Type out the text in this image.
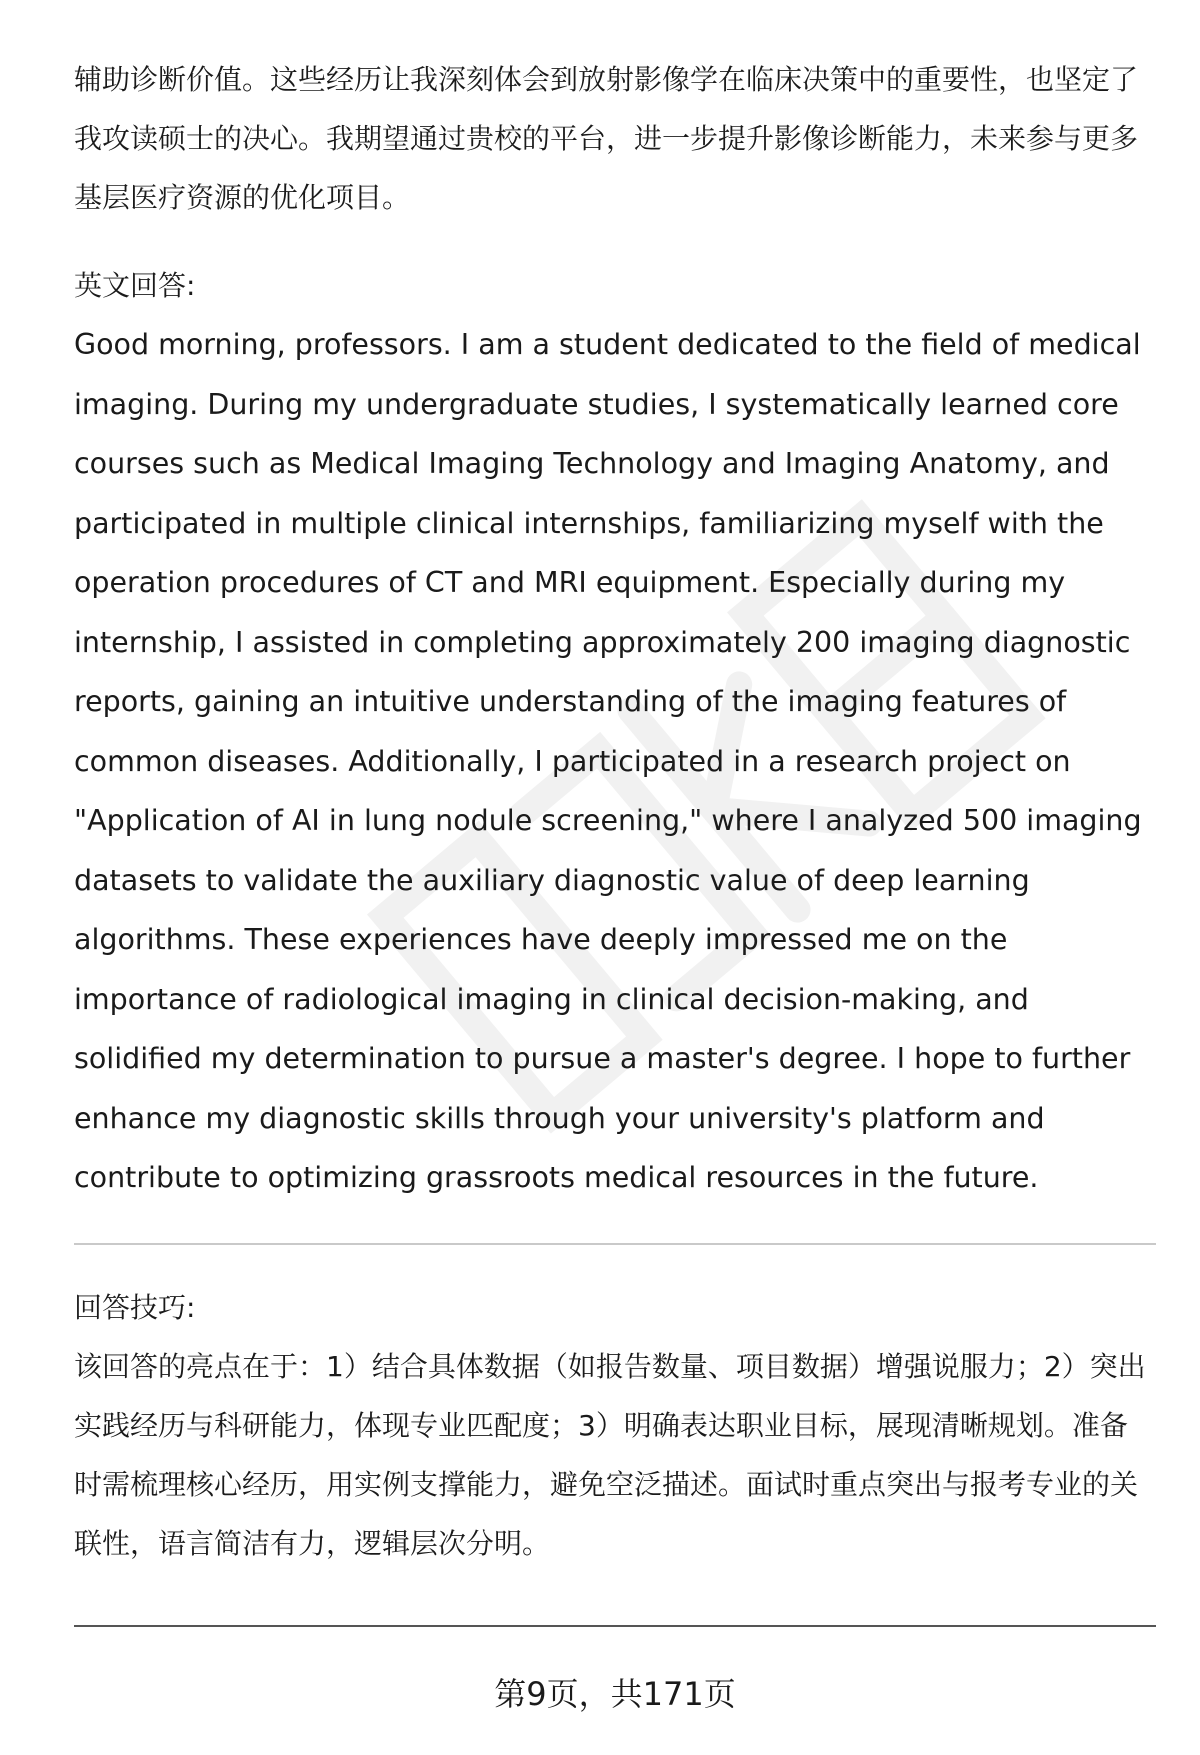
辅助诊断价值。这些经历让我深刻体会到放射影像学在临床决策中的重要性，也坚定了我攻读硕士的决心。我期望通过贵校的平台，进一步提升影像诊断能力，未来参与更多基层医疗资源的优化项目。

英文回答:

Good morning, professors. I am a student dedicated to the field of medical imaging. During my undergraduate studies, I systematically learned core courses such as Medical Imaging Technology and Imaging Anatomy, and participated in multiple clinical internships, familiarizing myself with the operation procedures of CT and MRI equipment. Especially during my internship, I assisted in completing approximately 200 imaging diagnostic reports, gaining an intuitive understanding of the imaging features of common diseases. Additionally, I participated in a research project on "Application of AI in lung nodule screening," where I analyzed 500 imaging datasets to validate the auxiliary diagnostic value of deep learning algorithms. These experiences have deeply impressed me on the importance of radiological imaging in clinical decision-making, and solidified my determination to pursue a master's degree. I hope to further enhance my diagnostic skills through your university's platform and contribute to optimizing grassroots medical resources in the future.

回答技巧:

该回答的亮点在于：1）结合具体数据（如报告数量、项目数据）增强说服力；2）突出实践经历与科研能力，体现专业匹配度；3）明确表达职业目标，展现清晰规划。准备时需梳理核心经历，用实例支撑能力，避免空泛描述。面试时重点突出与报考专业的关联性，语言简洁有力，逻辑层次分明。

第9页，共171页
